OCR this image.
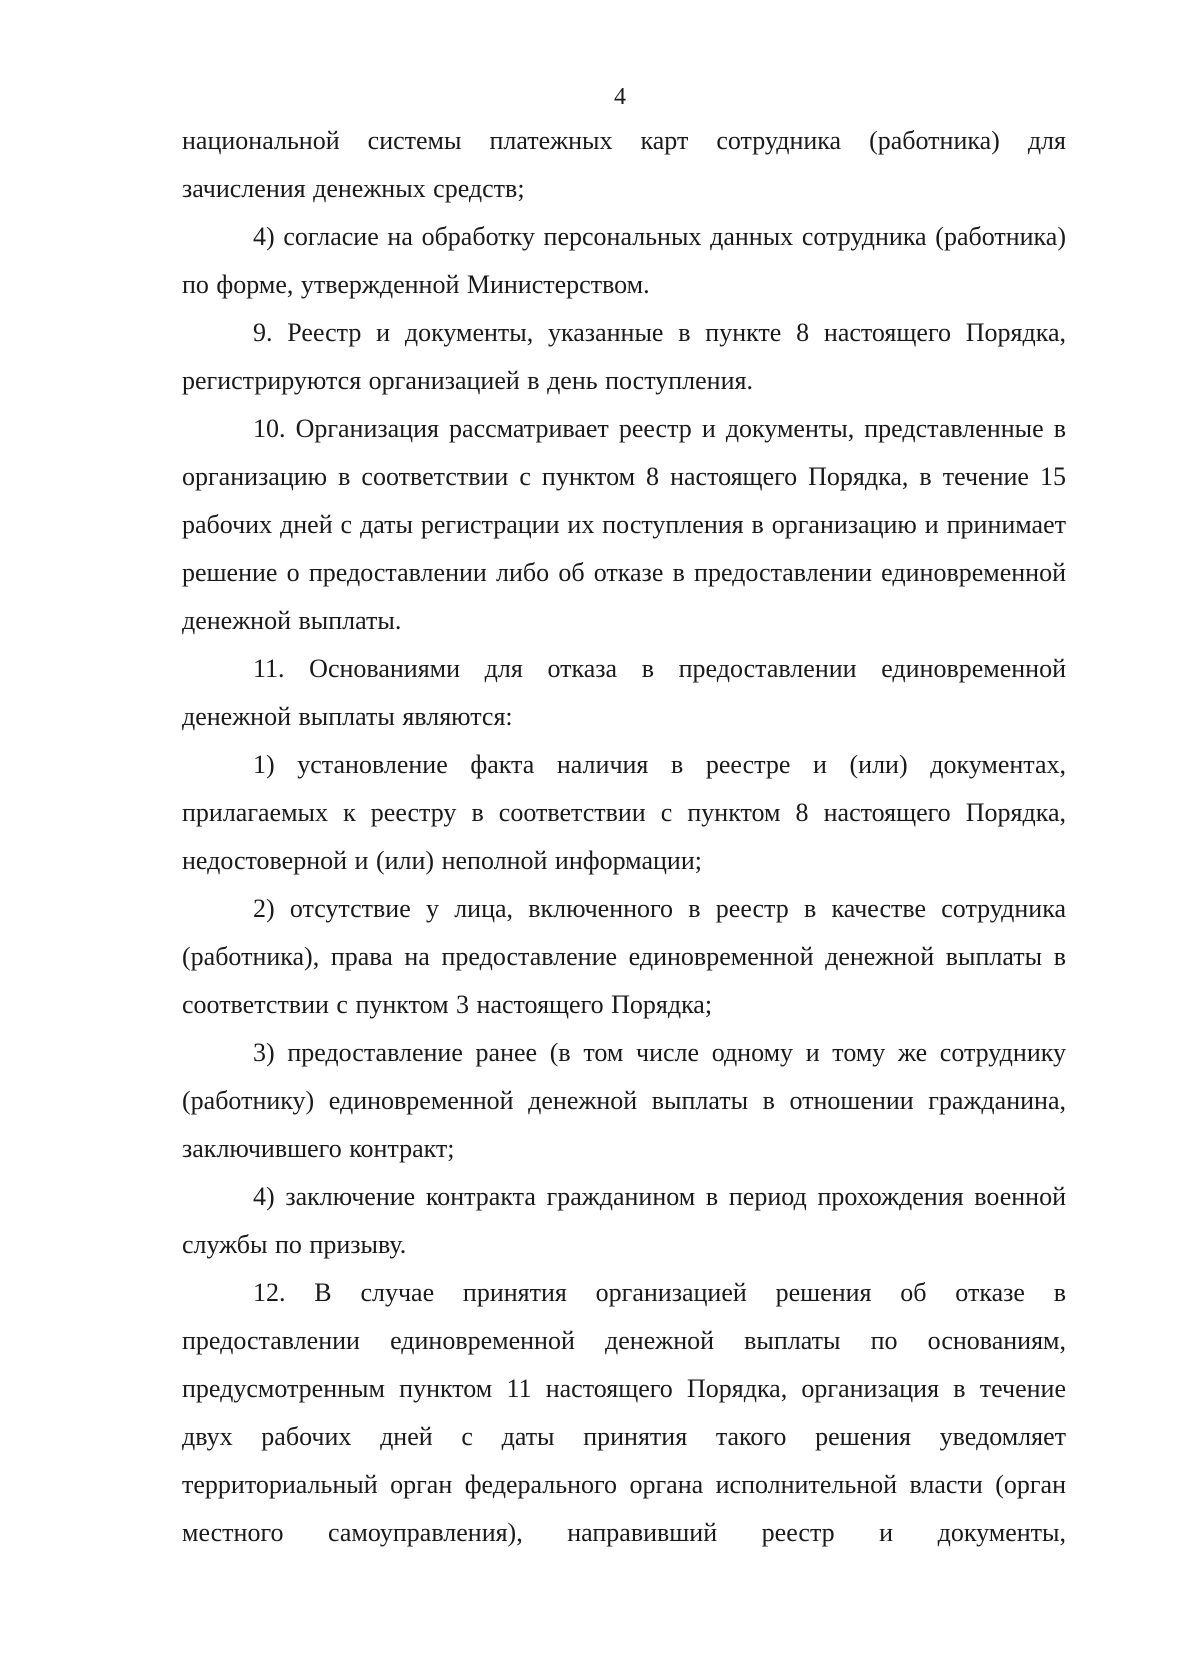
4

национальной системы платежных карт сотрудника (работника) для зачисления денежных средств;

4) согласие на обработку персональных данных сотрудника (работника) по форме, утвержденной Министерством.

9. Реестр и документы, указанные в пункте 8 настоящего Порядка, регистрируются организацией в день поступления.

10. Организация рассматривает реестр и документы, представленные в организацию в соответствии с пунктом 8 настоящего Порядка, в течение 15 рабочих дней с даты регистрации их поступления в организацию и принимает решение о предоставлении либо об отказе в предоставлении единовременной денежной выплаты.

11. Основаниями для отказа в предоставлении единовременной денежной выплаты являются:

1) установление факта наличия в реестре и (или) документах, прилагаемых к реестру в соответствии с пунктом 8 настоящего Порядка, недостоверной и (или) неполной информации;

2) отсутствие у лица, включенного в реестр в качестве сотрудника (работника), права на предоставление единовременной денежной выплаты в соответствии с пунктом 3 настоящего Порядка;

3) предоставление ранее (в том числе одному и тому же сотруднику (работнику) единовременной денежной выплаты в отношении гражданина, заключившего контракт;

4) заключение контракта гражданином в период прохождения военной службы по призыву.

12. В случае принятия организацией решения об отказе в предоставлении единовременной денежной выплаты по основаниям, предусмотренным пунктом 11 настоящего Порядка, организация в течение двух рабочих дней с даты принятия такого решения уведомляет территориальный орган федерального органа исполнительной власти (орган местного самоуправления), направивший реестр и документы,
